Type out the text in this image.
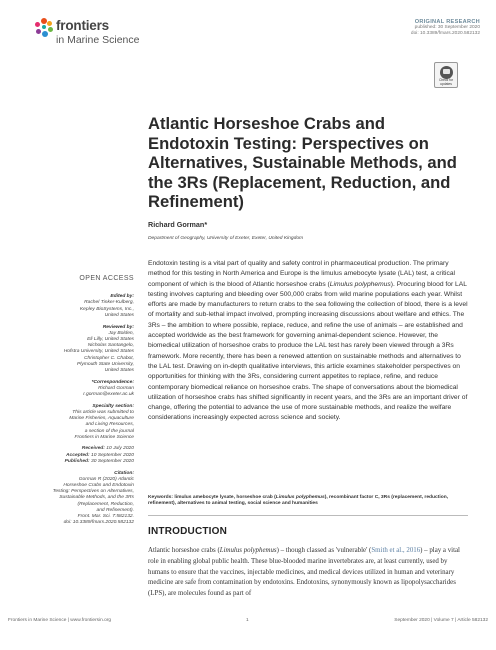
frontiers
in Marine Science
ORIGINAL RESEARCH
published: 30 September 2020
doi: 10.3389/fmars.2020.582132
Check for
updates
Atlantic Horseshoe Crabs and Endotoxin Testing: Perspectives on Alternatives, Sustainable Methods, and the 3Rs (Replacement, Reduction, and Refinement)
Richard Gorman*
Department of Geography, University of Exeter, Exeter, United Kingdom
OPEN ACCESS
Edited by:
Rachel Tinker-Kulberg,
Kepley BioSystems, Inc.,
United States
Reviewed by:
Jay Bolden,
Eli Lilly, United States
Nicholas Santangelo,
Hofstra University, United States
Christopher C. Chabot,
Plymouth State University,
United States
*Correspondence:
Richard Gorman
r.gorman@exeter.ac.uk
Specialty section:
This article was submitted to
Marine Fisheries, Aquaculture
and Living Resources,
a section of the journal
Frontiers in Marine Science
Received: 10 July 2020
Accepted: 10 September 2020
Published: 30 September 2020
Citation:
Gorman R (2020) Atlantic
Horseshoe Crabs and Endotoxin
Testing: Perspectives on Alternatives,
Sustainable Methods, and the 3Rs
(Replacement, Reduction,
and Refinement).
Front. Mar. Sci. 7:582132.
doi: 10.3389/fmars.2020.582132

Endotoxin testing is a vital part of quality and safety control in pharmaceutical production. The primary method for this testing in North America and Europe is the limulus amebocyte lysate (LAL) test, a critical component of which is the blood of Atlantic horseshoe crabs (Limulus polyphemus). Procuring blood for LAL testing involves capturing and bleeding over 500,000 crabs from wild marine populations each year. Whilst efforts are made by manufacturers to return crabs to the sea following the collection of blood, there is a level of mortality and sub-lethal impact involved, prompting increasing discussions about welfare and ethics. The 3Rs – the ambition to where possible, replace, reduce, and refine the use of animals – are established and accepted worldwide as the best framework for governing animal-dependent science. However, the biomedical utilization of horseshoe crabs to produce the LAL test has rarely been viewed through a 3Rs framework. More recently, there has been a renewed attention on sustainable methods and alternatives to the LAL test. Drawing on in-depth qualitative interviews, this article examines stakeholder perspectives on opportunities for thinking with the 3Rs, considering current appetites to replace, refine, and reduce contemporary biomedical reliance on horseshoe crabs. The shape of conversations about the biomedical utilization of horseshoe crabs has shifted significantly in recent years, and the 3Rs are an important driver of change, offering the potential to advance the use of more sustainable methods, and realize the welfare considerations increasingly expected across science and society.

Keywords: limulus amebocyte lysate, horseshoe crab (Limulus polyphemus), recombinant factor C, 3Rs (replacement, reduction, refinement), alternatives to animal testing, social science and humanities
INTRODUCTION
Atlantic horseshoe crabs (Limulus polyphemus) – though classed as 'vulnerable' (Smith et al., 2016) – play a vital role in enabling global public health. These blue-blooded marine invertebrates are, at least currently, used by humans to ensure that the vaccines, injectable medicines, and medical devices utilized in human and veterinary medicine are safe from contamination by endotoxins. Endotoxins, synonymously known as lipopolysaccharides (LPS), are molecules found as part of
Frontiers in Marine Science | www.frontiersin.org	1	September 2020 | Volume 7 | Article 582132
